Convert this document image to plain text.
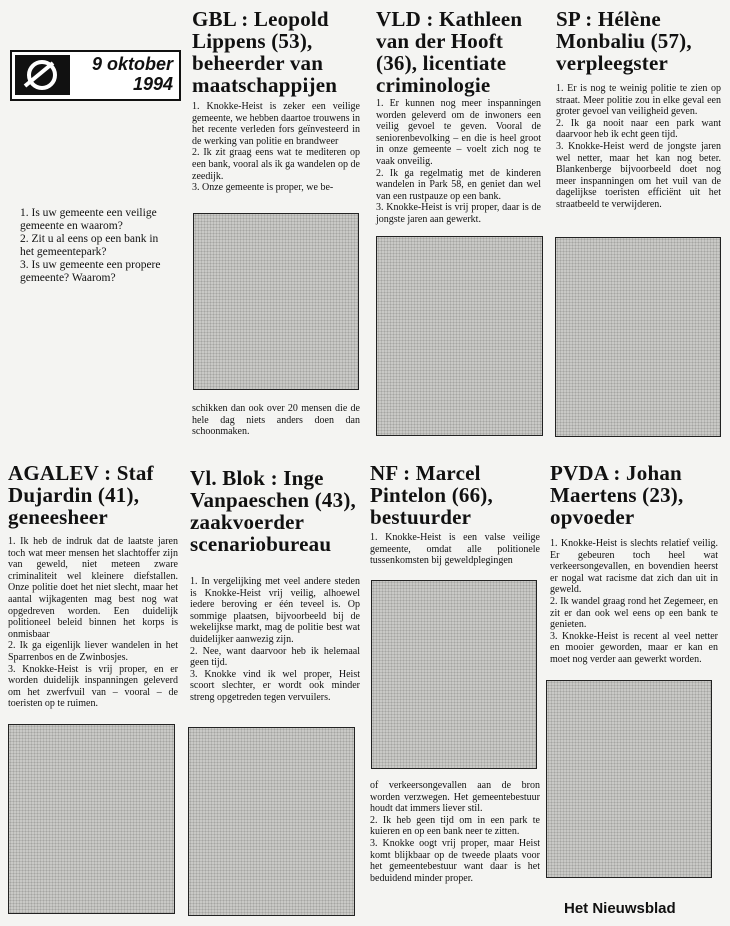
9 oktober
1994
1. Is uw gemeente een veilige gemeente en waarom?
2. Zit u al eens op een bank in het gemeentepark?
3. Is uw gemeente een propere gemeente? Waarom?
GBL : Leopold Lippens (53), beheerder van maatschappijen
1. Knokke-Heist is zeker een veilige gemeente, we hebben daartoe trouwens in het recente verleden fors geïnvesteerd in de werking van politie en brandweer
2. Ik zit graag eens wat te mediteren op een bank, vooral als ik ga wandelen op de zeedijk.
3. Onze gemeente is proper, we be-
schikken dan ook over 20 mensen die de hele dag niets anders doen dan schoonmaken.
VLD : Kathleen van der Hooft (36), licentiate criminologie
1. Er kunnen nog meer inspanningen worden geleverd om de inwoners een veilig gevoel te geven. Vooral de seniorenbevolking – en die is heel groot in onze gemeente – voelt zich nog te vaak onveilig.
2. Ik ga regelmatig met de kinderen wandelen in Park 58, en geniet dan wel van een rustpauze op een bank.
3. Knokke-Heist is vrij proper, daar is de jongste jaren aan gewerkt.
SP : Hélène Monbaliu (57), verpleegster
1. Er is nog te weinig politie te zien op straat. Meer politie zou in elke geval een groter gevoel van veiligheid geven.
2. Ik ga nooit naar een park want daarvoor heb ik echt geen tijd.
3. Knokke-Heist werd de jongste jaren wel netter, maar het kan nog beter. Blankenberge bijvoorbeeld doet nog meer inspanningen om het vuil van de dagelijkse toeristen efficiënt uit het straatbeeld te verwijderen.
AGALEV : Staf Dujardin (41), geneesheer
1. Ik heb de indruk dat de laatste jaren toch wat meer mensen het slachtoffer zijn van geweld, niet meteen zware criminaliteit wel kleinere diefstallen. Onze politie doet het niet slecht, maar het aantal wijkagenten mag best nog wat opgedreven worden. Een duidelijk politioneel beleid binnen het korps is onmisbaar
2. Ik ga eigenlijk liever wandelen in het Sparrenbos en de Zwinbosjes.
3. Knokke-Heist is vrij proper, en er worden duidelijk inspanningen geleverd om het zwerfvuil van – vooral – de toeristen op te ruimen.
Vl. Blok : Inge Vanpaeschen (43), zaakvoerder scenariobureau
1. In vergelijking met veel andere steden is Knokke-Heist vrij veilig, alhoewel iedere beroving er één teveel is. Op sommige plaatsen, bijvoorbeeld bij de wekelijkse markt, mag de politie best wat duidelijker aanwezig zijn.
2. Nee, want daarvoor heb ik helemaal geen tijd.
3. Knokke vind ik wel proper, Heist scoort slechter, er wordt ook minder streng opgetreden tegen vervuilers.
NF : Marcel Pintelon (66), bestuurder
1. Knokke-Heist is een valse veilige gemeente, omdat alle politionele tussenkomsten bij geweldplegingen
of verkeersongevallen aan de bron worden verzwegen. Het gemeentebestuur houdt dat immers liever stil.
2. Ik heb geen tijd om in een park te kuieren en op een bank neer te zitten.
3. Knokke oogt vrij proper, maar Heist komt blijkbaar op de tweede plaats voor het gemeentebestuur want daar is het beduidend minder proper.
PVDA : Johan Maertens (23), opvoeder
1. Knokke-Heist is slechts relatief veilig. Er gebeuren toch heel wat verkeersongevallen, en bovendien heerst er nogal wat racisme dat zich dan uit in geweld.
2. Ik wandel graag rond het Zegemeer, en zit er dan ook wel eens op een bank te genieten.
3. Knokke-Heist is recent al veel netter en mooier geworden, maar er kan en moet nog verder aan gewerkt worden.
Het Nieuwsblad
